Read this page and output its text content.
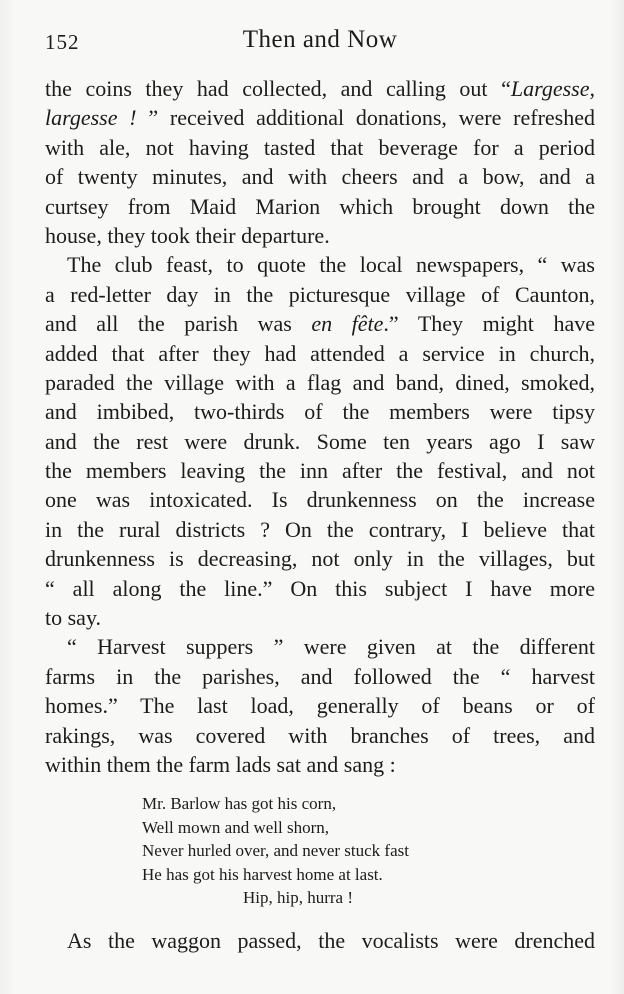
152	Then and Now
the coins they had collected, and calling out “Largesse,
largesse ! ” received additional donations, were refreshed
with ale, not having tasted that beverage for a period
of twenty minutes, and with cheers and a bow, and a
curtsey from Maid Marion which brought down the
house, they took their departure.
The club feast, to quote the local newspapers, “ was
a red-letter day in the picturesque village of Caunton,
and all the parish was en fête.” They might have
added that after they had attended a service in church,
paraded the village with a flag and band, dined, smoked,
and imbibed, two-thirds of the members were tipsy
and the rest were drunk. Some ten years ago I saw
the members leaving the inn after the festival, and not
one was intoxicated. Is drunkenness on the increase
in the rural districts ? On the contrary, I believe that
drunkenness is decreasing, not only in the villages, but
“ all along the line.” On this subject I have more
to say.
“ Harvest suppers ” were given at the different
farms in the parishes, and followed the “ harvest
homes.” The last load, generally of beans or of
rakings, was covered with branches of trees, and
within them the farm lads sat and sang :
Mr. Barlow has got his corn,
Well mown and well shorn,
Never hurled over, and never stuck fast
He has got his harvest home at last.
Hip, hip, hurra !
As the waggon passed, the vocalists were drenched
